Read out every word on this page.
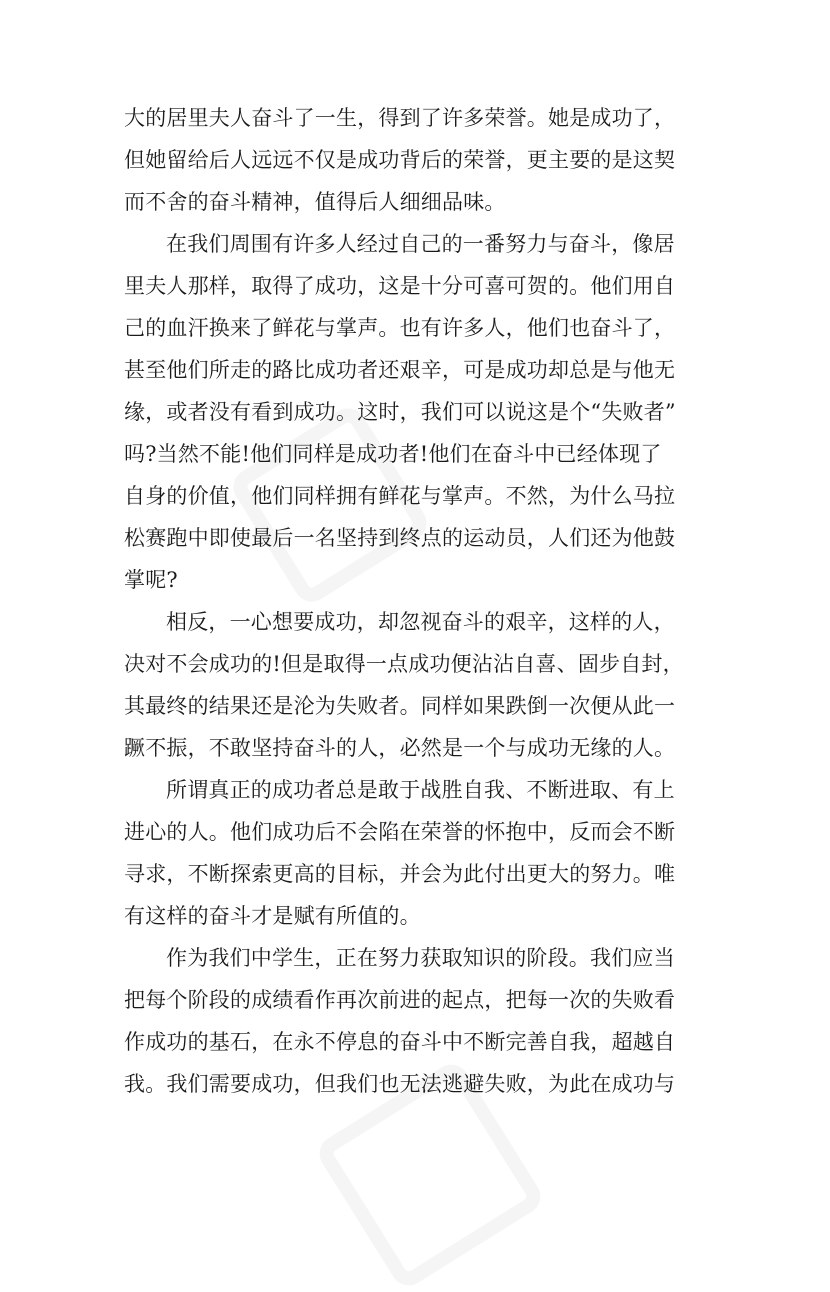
大的居里夫人奋斗了一生，得到了许多荣誉。她是成功了，
但她留给后人远远不仅是成功背后的荣誉，更主要的是这契
而不舍的奋斗精神，值得后人细细品味。

在我们周围有许多人经过自己的一番努力与奋斗，像居
里夫人那样，取得了成功，这是十分可喜可贺的。他们用自
己的血汗换来了鲜花与掌声。也有许多人，他们也奋斗了，
甚至他们所走的路比成功者还艰辛，可是成功却总是与他无
缘，或者没有看到成功。这时，我们可以说这是个“失败者”
吗?当然不能!他们同样是成功者!他们在奋斗中已经体现了
自身的价值，他们同样拥有鲜花与掌声。不然，为什么马拉
松赛跑中即使最后一名坚持到终点的运动员，人们还为他鼓
掌呢?

相反，一心想要成功，却忽视奋斗的艰辛，这样的人，
决对不会成功的!但是取得一点成功便沾沾自喜、固步自封，
其最终的结果还是沦为失败者。同样如果跌倒一次便从此一
蹶不振，不敢坚持奋斗的人，必然是一个与成功无缘的人。

所谓真正的成功者总是敢于战胜自我、不断进取、有上
进心的人。他们成功后不会陷在荣誉的怀抱中，反而会不断
寻求，不断探索更高的目标，并会为此付出更大的努力。唯
有这样的奋斗才是赋有所值的。

作为我们中学生，正在努力获取知识的阶段。我们应当
把每个阶段的成绩看作再次前进的起点，把每一次的失败看
作成功的基石，在永不停息的奋斗中不断完善自我，超越自
我。我们需要成功，但我们也无法逃避失败，为此在成功与
